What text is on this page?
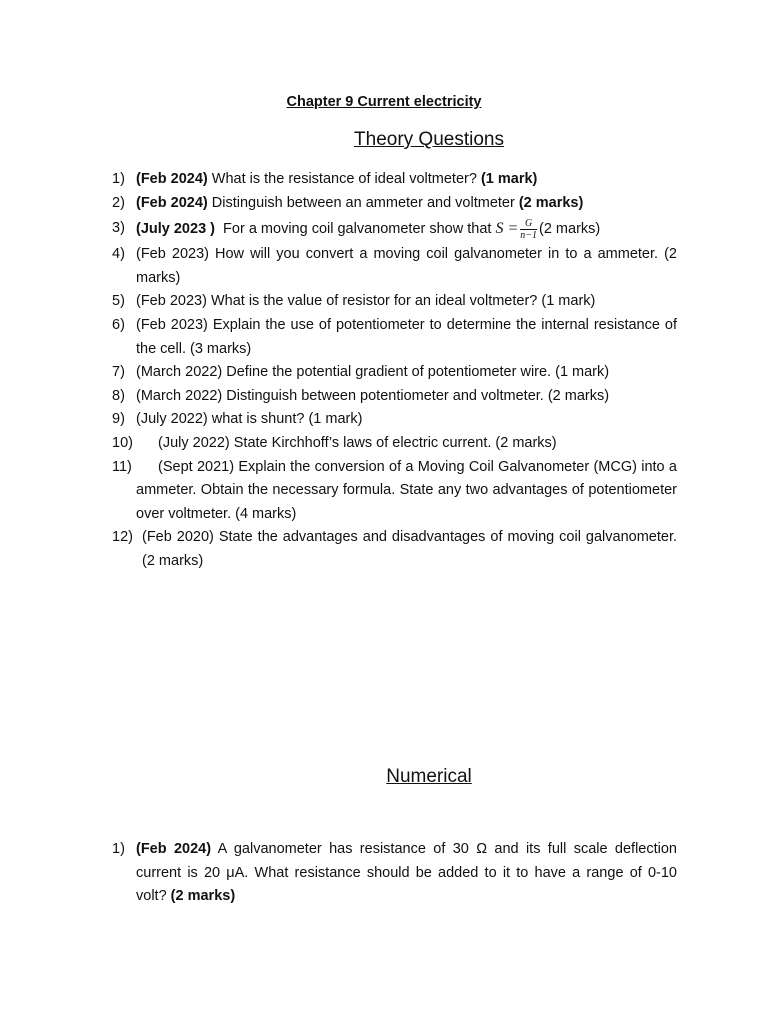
Chapter 9 Current electricity
Theory Questions
1) (Feb 2024) What is the resistance of ideal voltmeter? (1 mark)
2) (Feb 2024) Distinguish between an ammeter and voltmeter (2 marks)
3) (July 2023 )  For a moving coil galvanometer show that $S = \frac{G}{n-1} (2$ marks)
4) (Feb 2023) How will you convert a moving coil galvanometer in to a ammeter. (2 marks)
5) (Feb 2023) What is the value of resistor for an ideal voltmeter? (1 mark)
6) (Feb 2023) Explain the use of potentiometer to determine the internal resistance of the cell. (3 marks)
7) (March 2022) Define the potential gradient of potentiometer wire. (1 mark)
8) (March 2022) Distinguish between potentiometer and voltmeter. (2 marks)
9) (July 2022) what is shunt? (1 mark)
10) (July 2022) State Kirchhoff’s laws of electric current. (2 marks)
11) (Sept 2021) Explain the conversion of a Moving Coil Galvanometer (MCG) into a ammeter. Obtain the necessary formula. State any two advantages of potentiometer over voltmeter. (4 marks)
12) (Feb 2020) State the advantages and disadvantages of moving coil galvanometer. (2 marks)
Numerical
1) (Feb 2024) A galvanometer has resistance of 30 Ω and its full scale deflection current is 20 μA. What resistance should be added to it to have a range of 0-10 volt? (2 marks)
